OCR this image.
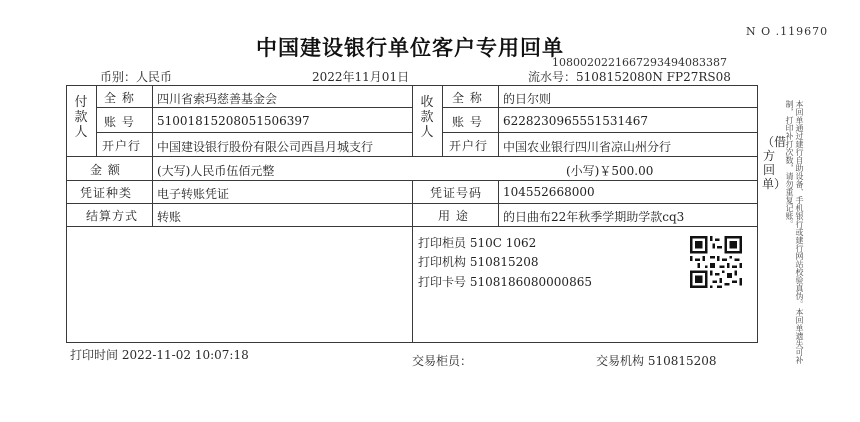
中国建设银行单位客户专用回单
N O .119670
10800202216672934940833​87
币别：人民币	2022年11月01日	流水号：5108152080N FP27RS08
付款人
全 称 四川省索玛慈善基金会
账 号 51001815208051506397
开户行 中国建设银行股份有限公司西昌月城支行
收款人
全 称 的日尔则
账 号 6228230965551531467
开户行 中国农业银行四川省凉山州分行
金 额	(大写)人民币伍佰元整	(小写)￥500.00
凭证种类 电子转账凭证	凭证号码 104552668000
结算方式 转账	用 途	的日曲布22年秋季学期助学款cq3
打印柜员 510C 1062
打印机构 510815208
打印卡号 5108186080000865
打印时间 2022-11-02 10:07:18	交易柜员：	交易机构 510815208
（借方回单）	本回单通过建行自助设备、手机银行或建行网站校验真伪。本回单遗失可补制，打印补打次数，请勿重复记账。
